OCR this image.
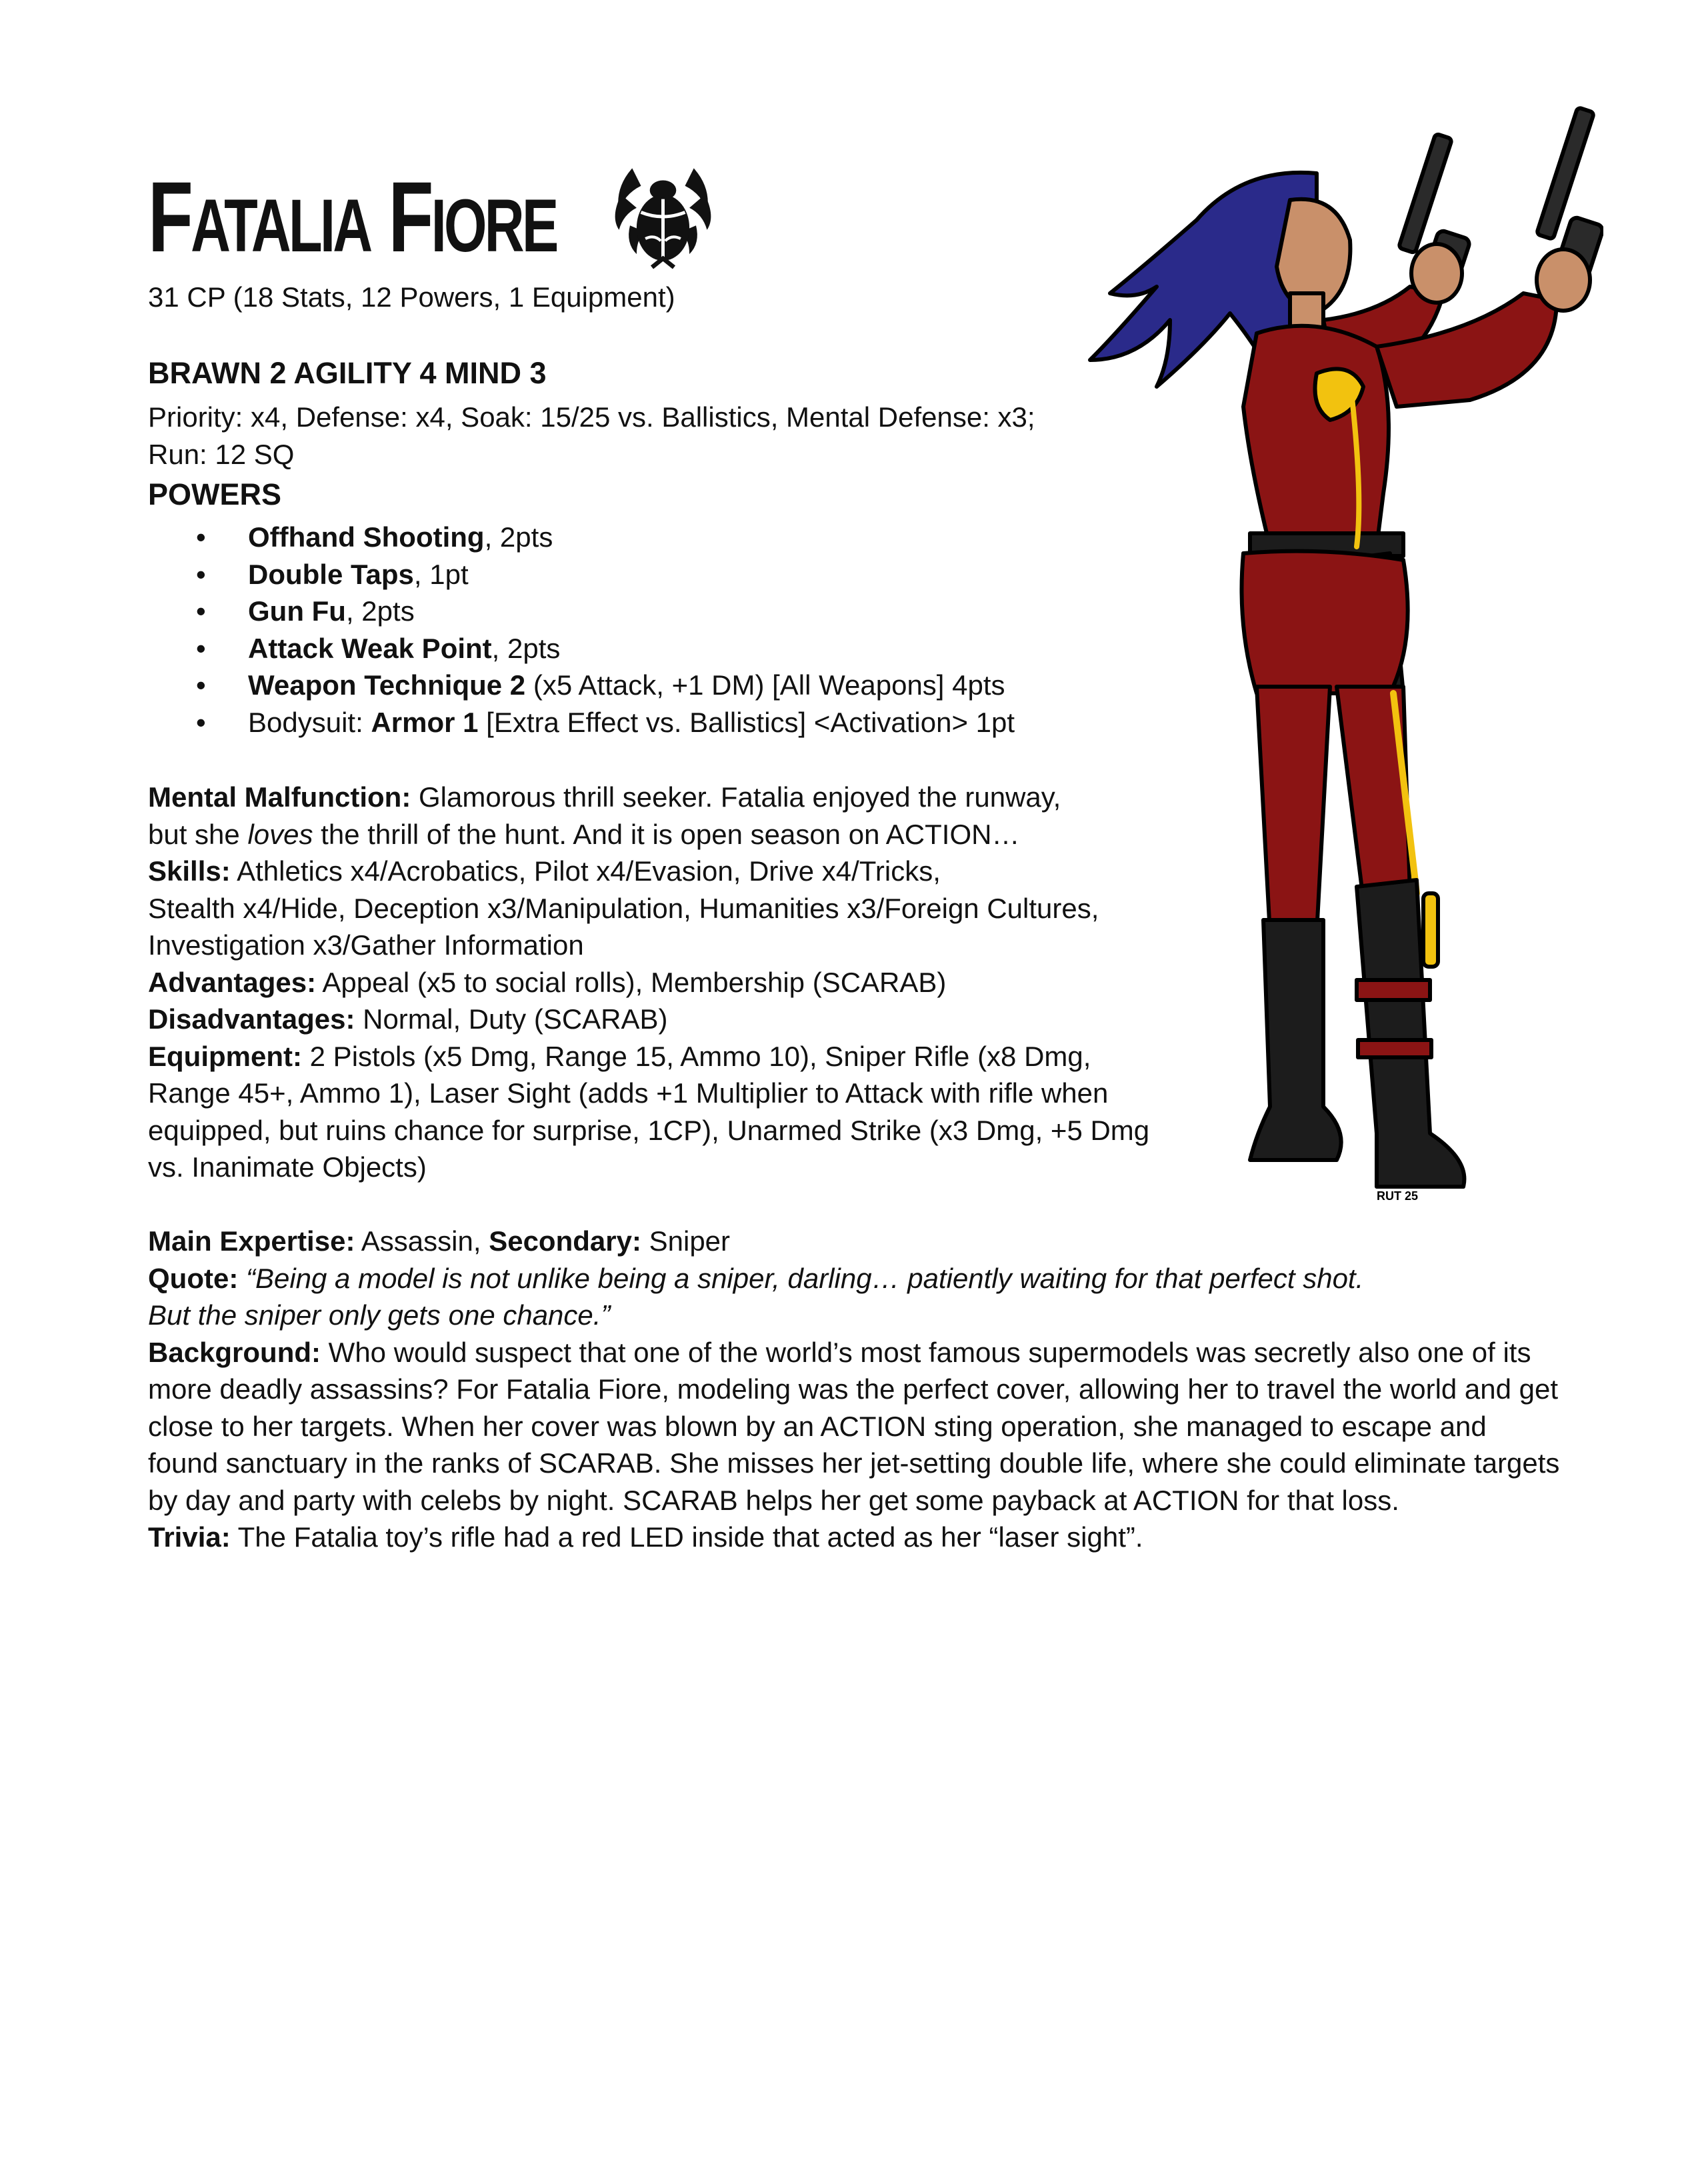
FATALIA FIORE
31 CP (18 Stats, 12 Powers, 1 Equipment)
BRAWN 2 AGILITY 4 MIND 3
Priority: x4, Defense: x4, Soak: 15/25 vs. Ballistics, Mental Defense: x3;
Run: 12 SQ
POWERS
• Offhand Shooting, 2pts
• Double Taps, 1pt
• Gun Fu, 2pts
• Attack Weak Point, 2pts
• Weapon Technique 2 (x5 Attack, +1 DM) [All Weapons] 4pts
• Bodysuit: Armor 1 [Extra Effect vs. Ballistics] <Activation> 1pt
Mental Malfunction: Glamorous thrill seeker. Fatalia enjoyed the runway,
but she loves the thrill of the hunt. And it is open season on ACTION…
Skills: Athletics x4/Acrobatics, Pilot x4/Evasion, Drive x4/Tricks,
Stealth x4/Hide, Deception x3/Manipulation, Humanities x3/Foreign Cultures,
Investigation x3/Gather Information
Advantages: Appeal (x5 to social rolls), Membership (SCARAB)
Disadvantages: Normal, Duty (SCARAB)
Equipment: 2 Pistols (x5 Dmg, Range 15, Ammo 10), Sniper Rifle (x8 Dmg,
Range 45+, Ammo 1), Laser Sight (adds +1 Multiplier to Attack with rifle when
equipped, but ruins chance for surprise, 1CP), Unarmed Strike (x3 Dmg, +5 Dmg
vs. Inanimate Objects)
Main Expertise: Assassin, Secondary: Sniper
Quote: “Being a model is not unlike being a sniper, darling… patiently waiting for that perfect shot.
But the sniper only gets one chance.”
Background: Who would suspect that one of the world’s most famous supermodels was secretly also one of its more deadly assassins? For Fatalia Fiore, modeling was the perfect cover, allowing her to travel the world and get close to her targets. When her cover was blown by an ACTION sting operation, she managed to escape and found sanctuary in the ranks of SCARAB. She misses her jet-setting double life, where she could eliminate targets by day and party with celebs by night. SCARAB helps her get some payback at ACTION for that loss.
Trivia: The Fatalia toy’s rifle had a red LED inside that acted as her “laser sight”.
RUT 25
